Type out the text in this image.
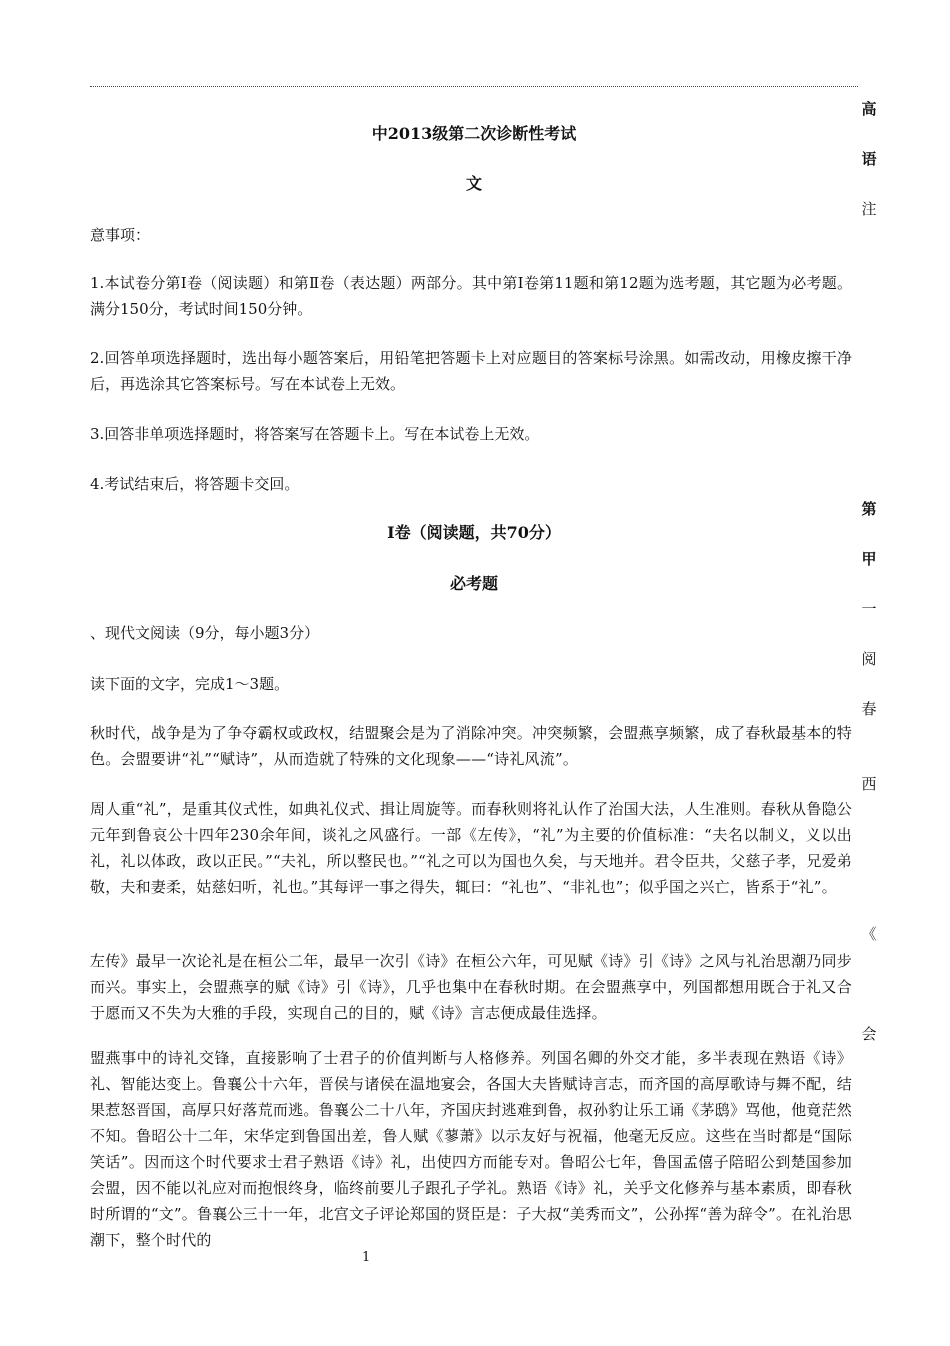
高
语
注
第
甲
一
阅
春
西
《
会
中2013级第二次诊断性考试
文
意事项：
1.本试卷分第Ⅰ卷（阅读题）和第Ⅱ卷（表达题）两部分。其中第Ⅰ卷第11题和第12题为选考题，其它题为必考题。满分150分，考试时间150分钟。
2.回答单项选择题时，选出每小题答案后，用铅笔把答题卡上对应题目的答案标号涂黑。如需改动，用橡皮擦干净后，再选涂其它答案标号。写在本试卷上无效。
3.回答非单项选择题时，将答案写在答题卡上。写在本试卷上无效。
4.考试结束后，将答题卡交回。
Ⅰ卷（阅读题，共70分）
必考题
、现代文阅读（9分，每小题3分）
读下面的文字，完成1～3题。
秋时代，战争是为了争夺霸权或政权，结盟聚会是为了消除冲突。冲突频繁，会盟燕享频繁，成了春秋最基本的特色。会盟要讲“礼”“赋诗”，从而造就了特殊的文化现象——“诗礼风流”。
周人重“礼”，是重其仪式性，如典礼仪式、揖让周旋等。而春秋则将礼认作了治国大法，人生准则。春秋从鲁隐公元年到鲁哀公十四年230余年间，谈礼之风盛行。一部《左传》，“礼”为主要的价值标准：“夫名以制义，义以出礼，礼以体政，政以正民。”“夫礼，所以整民也。”“礼之可以为国也久矣，与天地并。君令臣共，父慈子孝，兄爱弟敬，夫和妻柔，姑慈妇听，礼也。”其每评一事之得失，辄曰：“礼也”、“非礼也”；似乎国之兴亡，皆系于“礼”。
左传》最早一次论礼是在桓公二年，最早一次引《诗》在桓公六年，可见赋《诗》引《诗》之风与礼治思潮乃同步而兴。事实上，会盟燕享的赋《诗》引《诗》，几乎也集中在春秋时期。在会盟燕享中，列国都想用既合于礼又合于愿而又不失为大雅的手段，实现自己的目的，赋《诗》言志便成最佳选择。
盟燕事中的诗礼交锋，直接影响了士君子的价值判断与人格修养。列国名卿的外交才能，多半表现在熟语《诗》礼、智能达变上。鲁襄公十六年，晋侯与诸侯在温地宴会，各国大夫皆赋诗言志，而齐国的高厚歌诗与舞不配，结果惹怒晋国，高厚只好落荒而逃。鲁襄公二十八年，齐国庆封逃难到鲁，叔孙豹让乐工诵《茅鸱》骂他，他竟茫然不知。鲁昭公十二年，宋华定到鲁国出差，鲁人赋《蓼萧》以示友好与祝福，他毫无反应。这些在当时都是“国际笑话”。因而这个时代要求士君子熟语《诗》礼，出使四方而能专对。鲁昭公七年，鲁国孟僖子陪昭公到楚国参加会盟，因不能以礼应对而抱恨终身，临终前要儿子跟孔子学礼。熟语《诗》礼，关乎文化修养与基本素质，即春秋时所谓的“文”。鲁襄公三十一年，北宫文子评论郑国的贤臣是：子大叔“美秀而文”，公孙挥“善为辞令”。在礼治思潮下，整个时代的
1
